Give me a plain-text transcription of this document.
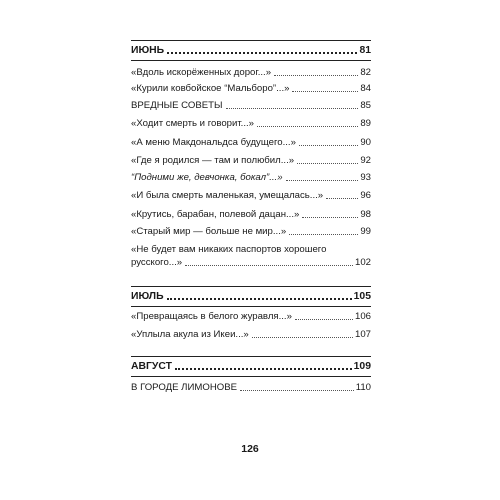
ИЮНЬ	81
«Вдоль искорёженных дорог...»	82
«Курили ковбойское “Мальборо”...»	84
ВРЕДНЫЕ СОВЕТЫ	85
«Ходит смерть и говорит...»	89
«А меню Макдональдса будущего...»	90
«Где я родился — там и полюбил...»	92
“Подними же, девчонка, бокал”...»	93
«И была смерть маленькая, умещалась...»	96
«Крутись, барабан, полевой дацан...»	98
«Старый мир — больше не мир...»	99
«Не будет вам никаких паспортов хорошего
русского...»	102
ИЮЛЬ	105
«Превращаясь в белого журавля...»	106
«Уплыла акула из Икеи...»	107
АВГУСТ	109
В ГОРОДЕ ЛИМОНОВЕ	110
126
